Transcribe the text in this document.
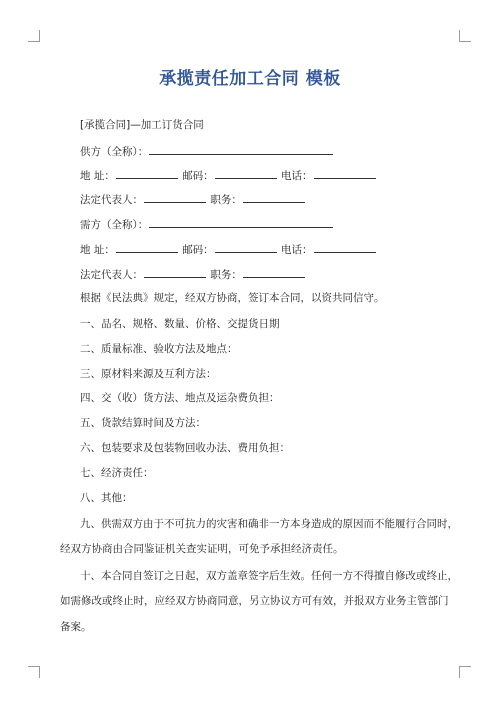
承揽责任加工合同 模板
[承揽合同]—加工订货合同
供方（全称）：
地 址：	邮码：	电话：
法定代表人：	职务：
需方（全称）：
地 址：	邮码：	电话：
法定代表人：	职务：
根据《民法典》规定，经双方协商，签订本合同，以资共同信守。
一、品名、规格、数量、价格、交提货日期
二、质量标准、验收方法及地点：
三、原材料来源及互利方法：
四、交（收）货方法、地点及运杂费负担：
五、货款结算时间及方法：
六、包装要求及包装物回收办法、费用负担：
七、经济责任：
八、其他：
九、供需双方由于不可抗力的灾害和确非一方本身造成的原因而不能履行合同时，
经双方协商由合同鉴证机关查实证明，可免予承担经济责任。
十、本合同自签订之日起，双方盖章签字后生效。任何一方不得擅自修改或终止，
如需修改或终止时，应经双方协商同意，另立协议方可有效，并报双方业务主管部门
备案。
